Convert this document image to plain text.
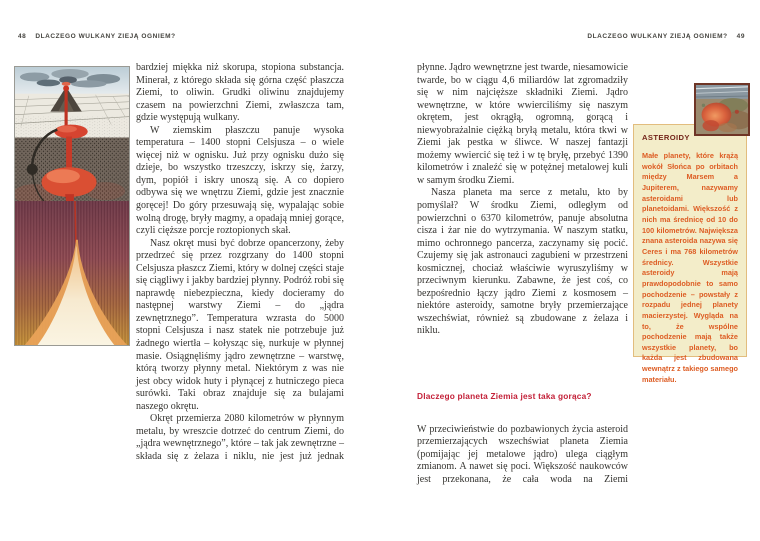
48 DLACZEGO WULKANY ZIEJĄ OGNIEM?	DLACZEGO WULKANY ZIEJĄ OGNIEM? 49

bardziej miękka niż skorupa, stopiona substancja. Minerał, z którego składa się górna część płaszcza Ziemi, to oliwin. Grudki oliwinu znajdujemy czasem na powierzchni Ziemi, zwłaszcza tam, gdzie występują wulkany.

W ziemskim płaszczu panuje wysoka temperatura – 1400 stopni Celsjusza – o wiele więcej niż w ognisku. Już przy ognisku dużo się dzieje, bo wszystko trzeszczy, iskrzy się, żarzy, dym, popiół i iskry unoszą się. A co dopiero odbywa się we wnętrzu Ziemi, gdzie jest znacznie goręcej! Do góry przesuwają się, wypalając sobie wolną drogę, bryły magmy, a opadają mniej gorące, czyli cięższe porcje roztopionych skał.

Nasz okręt musi być dobrze opancerzony, żeby przedrzeć się przez rozgrzany do 1400 stopni Celsjusza płaszcz Ziemi, który w dolnej części staje się ciągliwy i jakby bardziej płynny. Podróż robi się naprawdę niebezpieczna, kiedy docieramy do następnej warstwy Ziemi – do „jądra zewnętrznego”. Temperatura wzrasta do 5000 stopni Celsjusza i nasz statek nie potrzebuje już żadnego wiertła – kołysząc się, nurkuje w płynnej masie. Osiągnęliśmy jądro zewnętrzne – warstwę, którą tworzy płynny metal. Niektórym z was nie jest obcy widok huty i płynącej z hutniczego pieca surówki. Taki obraz znajduje się za bulajami naszego okrętu.

Okręt przemierza 2080 kilometrów w płynnym metalu, by wreszcie dotrzeć do centrum Ziemi, do „jądra wewnętrznego”, które – tak jak zewnętrzne – składa się z żelaza i niklu, nie jest już jednak

płynne. Jądro wewnętrzne jest twarde, niesamowicie twarde, bo w ciągu 4,6 miliardów lat zgromadziły się w nim najcięższe składniki Ziemi. Jądro wewnętrzne, w które wwierciliśmy się naszym okrętem, jest okrągłą, ogromną, gorącą i niewyobrażalnie ciężką bryłą metalu, która tkwi w Ziemi jak pestka w śliwce. W naszej fantazji możemy wwiercić się też i w tę bryłę, przebyć 1390 kilometrów i znaleźć się w potężnej metalowej kuli w samym środku Ziemi.

Nasza planeta ma serce z metalu, kto by pomyślał? W środku Ziemi, odległym od powierzchni o 6370 kilometrów, panuje absolutna cisza i żar nie do wytrzymania. W naszym statku, mimo ochronnego pancerza, zaczynamy się pocić. Czujemy się jak astronauci zagubieni w przestrzeni kosmicznej, chociaż właściwie wyruszyliśmy w przeciwnym kierunku. Zabawne, że jest coś, co bezpośrednio łączy jądro Ziemi z kosmosem – niektóre asteroidy, samotne bryły przemierzające wszechświat, również są zbudowane z żelaza i niklu.

Dlaczego planeta Ziemia jest taka gorąca?

W przeciwieństwie do pozbawionych życia asteroid przemierzających wszechświat planeta Ziemia (pomijając jej metalowe jądro) ulega ciągłym zmianom. A nawet się poci. Większość naukowców jest przekonana, że cała woda na Ziemi

ASTEROIDY
Małe planety, które krążą wokół Słońca po orbitach między Marsem a Jupiterem, nazywamy asteroidami lub planetoidami. Większość z nich ma średnicę od 10 do 100 kilometrów. Największa znana asteroida nazywa się Ceres i ma 768 kilometrów średnicy. Wszystkie asteroidy mają prawdopodobnie to samo pochodzenie – powstały z rozpadu jednej planety macierzystej. Wygląda na to, że wspólne pochodzenie mają także wszystkie planety, bo każda jest zbudowana wewnątrz z takiego samego materiału.
